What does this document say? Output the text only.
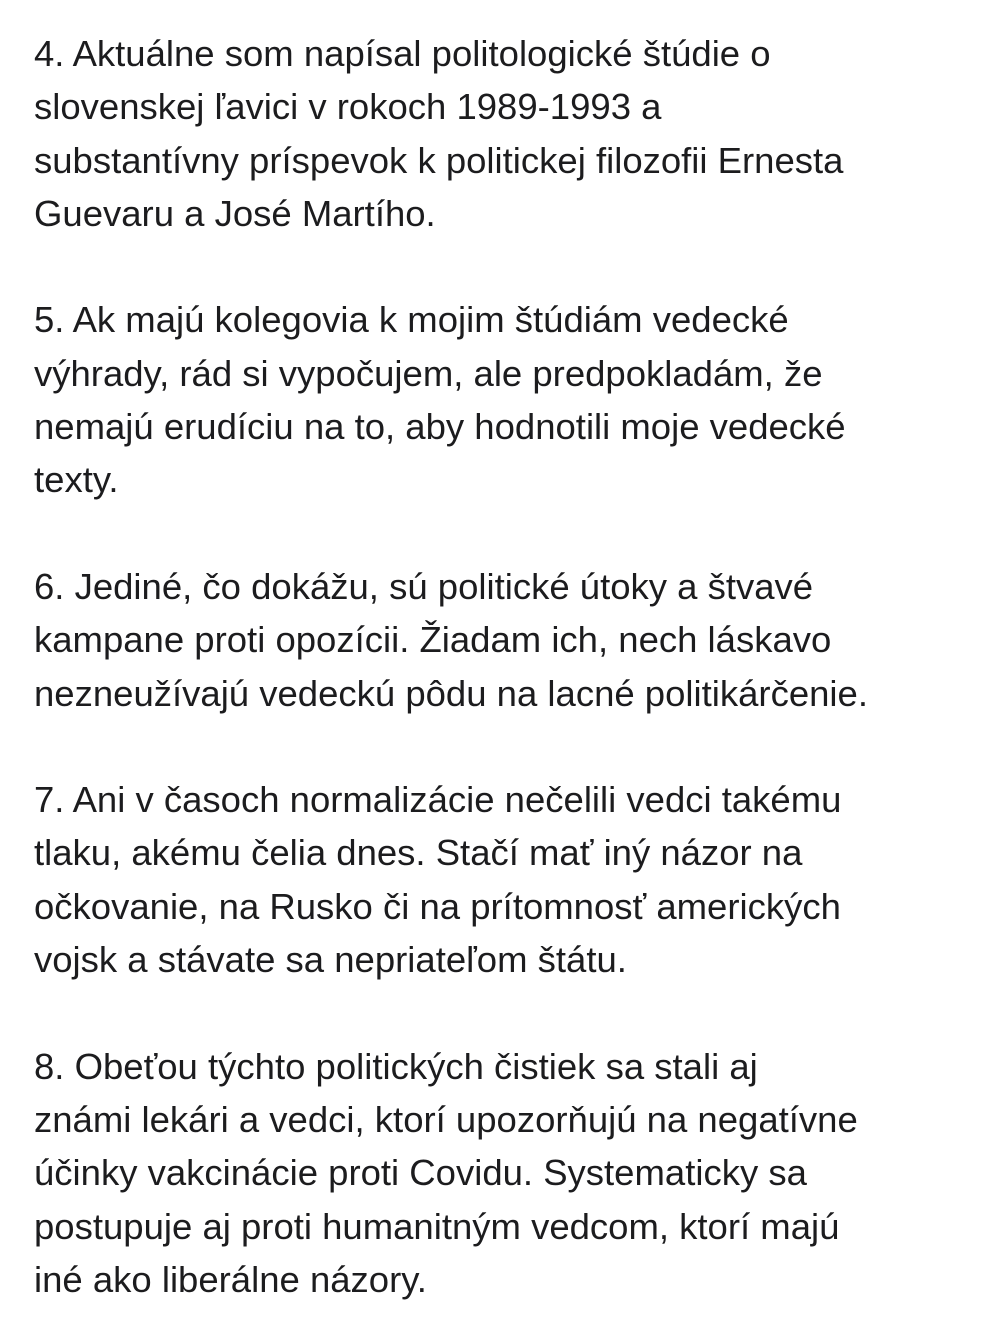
4. Aktuálne som napísal politologické štúdie o
slovenskej ľavici v rokoch 1989-1993 a
substantívny príspevok k politickej filozofii Ernesta
Guevaru a José Martího.

5. Ak majú kolegovia k mojim štúdiám vedecké
výhrady, rád si vypočujem, ale predpokladám, že
nemajú erudíciu na to, aby hodnotili moje vedecké
texty.

6. Jediné, čo dokážu, sú politické útoky a štvavé
kampane proti opozícii. Žiadam ich, nech láskavo
nezneužívajú vedeckú pôdu na lacné politikárčenie.

7. Ani v časoch normalizácie nečelili vedci takému
tlaku, akému čelia dnes. Stačí mať iný názor na
očkovanie, na Rusko či na prítomnosť amerických
vojsk a stávate sa nepriateľom štátu.

8. Obeťou týchto politických čistiek sa stali aj
známi lekári a vedci, ktorí upozorňujú na negatívne
účinky vakcinácie proti Covidu. Systematicky sa
postupuje aj proti humanitným vedcom, ktorí majú
iné ako liberálne názory.
